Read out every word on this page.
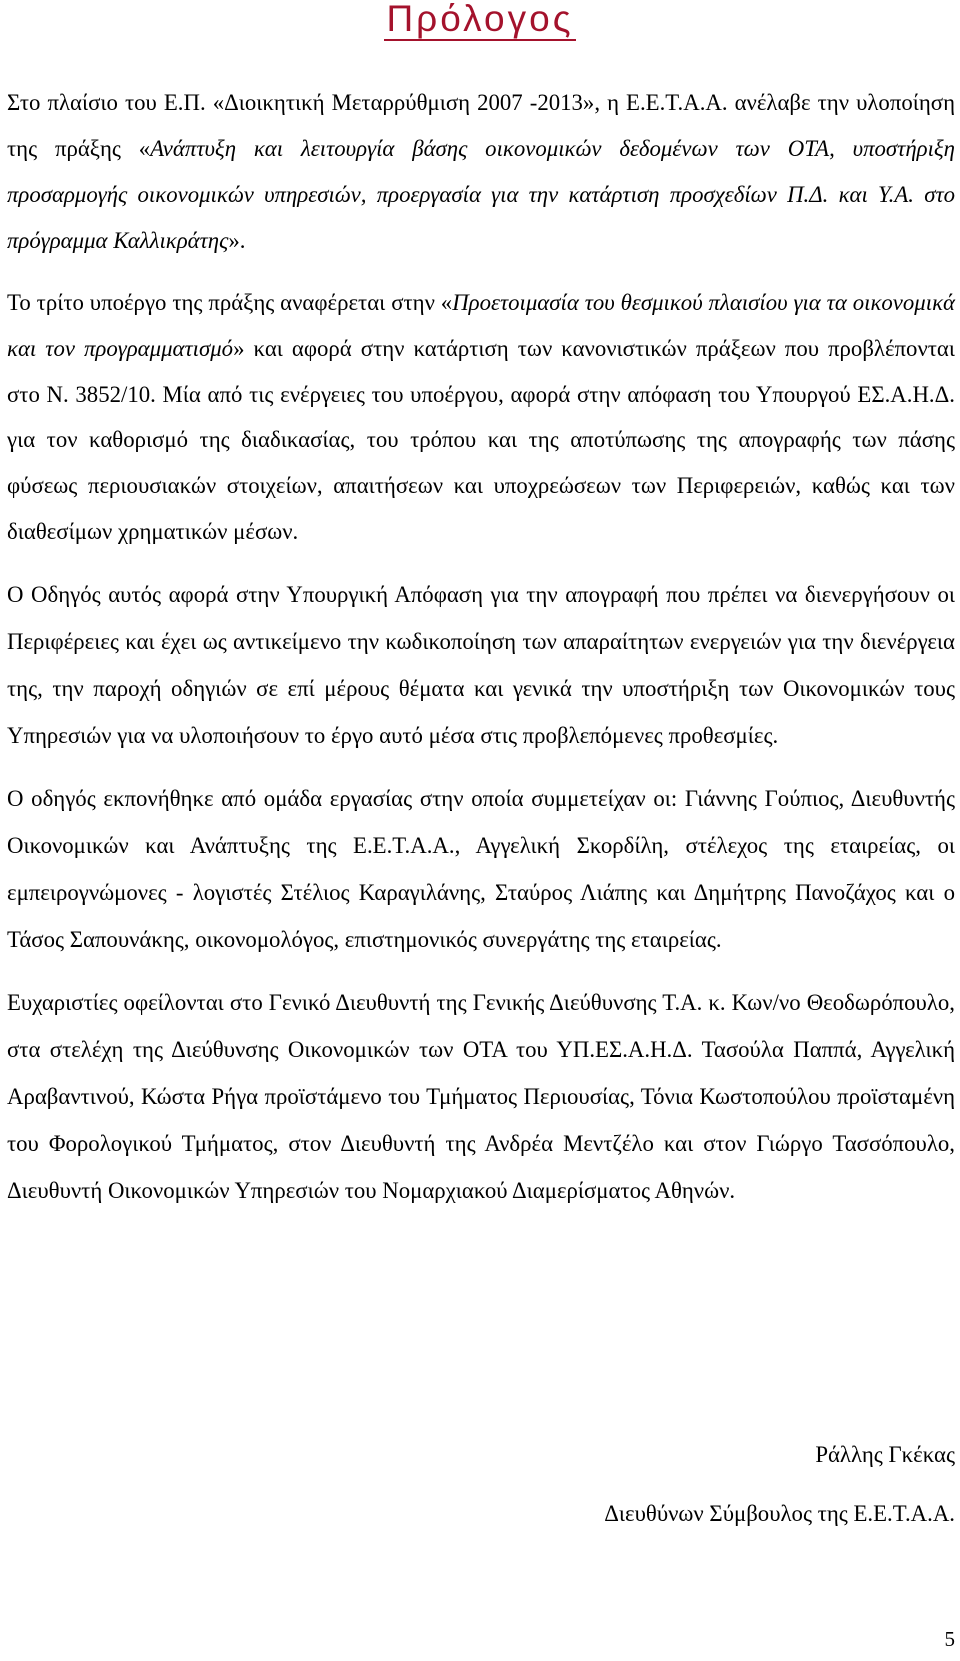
Πρόλογος

Στο πλαίσιο του Ε.Π. «Διοικητική Μεταρρύθμιση 2007 -2013», η Ε.Ε.Τ.Α.Α. ανέλαβε την υλοποίηση της πράξης «Ανάπτυξη και λειτουργία βάσης οικονομικών δεδομένων των ΟΤΑ, υποστήριξη προσαρμογής οικονομικών υπηρεσιών, προεργασία για την κατάρτιση προσχεδίων Π.Δ. και Υ.Α. στο πρόγραμμα Καλλικράτης».

Το τρίτο υποέργο της πράξης αναφέρεται στην «Προετοιμασία του θεσμικού πλαισίου για τα οικονομικά και τον προγραμματισμό» και αφορά στην κατάρτιση των κανονιστικών πράξεων που προβλέπονται στο Ν. 3852/10. Μία από τις ενέργειες του υποέργου, αφορά στην απόφαση του Υπουργού ΕΣ.Α.Η.Δ. για τον καθορισμό της διαδικασίας, του τρόπου και της αποτύπωσης της απογραφής των πάσης φύσεως περιουσιακών στοιχείων, απαιτήσεων και υποχρεώσεων των Περιφερειών, καθώς και των διαθεσίμων χρηματικών μέσων.

Ο Οδηγός αυτός αφορά στην Υπουργική Απόφαση για την απογραφή που πρέπει να διενεργήσουν οι Περιφέρειες και έχει ως αντικείμενο την κωδικοποίηση των απαραίτητων ενεργειών για την διενέργεια της, την παροχή οδηγιών σε επί μέρους θέματα και γενικά την υποστήριξη των Οικονομικών τους Υπηρεσιών για να υλοποιήσουν το έργο αυτό μέσα στις προβλεπόμενες προθεσμίες.

Ο οδηγός εκπονήθηκε από ομάδα εργασίας στην οποία συμμετείχαν οι: Γιάννης Γούπιος, Διευθυντής Οικονομικών και Ανάπτυξης της Ε.Ε.Τ.Α.Α., Αγγελική Σκορδίλη, στέλεχος της εταιρείας, οι εμπειρογνώμονες - λογιστές Στέλιος Καραγιλάνης, Σταύρος Λιάπης και Δημήτρης Πανοζάχος και ο Τάσος Σαπουνάκης, οικονομολόγος, επιστημονικός συνεργάτης της εταιρείας.

Ευχαριστίες οφείλονται στο Γενικό Διευθυντή της Γενικής Διεύθυνσης Τ.Α. κ. Κων/νο Θεοδωρόπουλο, στα στελέχη της Διεύθυνσης Οικονομικών των ΟΤΑ του ΥΠ.ΕΣ.Α.Η.Δ. Τασούλα Παππά, Αγγελική Αραβαντινού, Κώστα Ρήγα προϊστάμενο του Τμήματος Περιουσίας, Τόνια Κωστοπούλου προϊσταμένη του Φορολογικού Τμήματος, στον Διευθυντή της Ανδρέα Μεντζέλο και στον Γιώργο Τασσόπουλο, Διευθυντή Οικονομικών Υπηρεσιών του Νομαρχιακού Διαμερίσματος Αθηνών.

Ράλλης Γκέκας
Διευθύνων Σύμβουλος της Ε.Ε.Τ.Α.Α.
5
